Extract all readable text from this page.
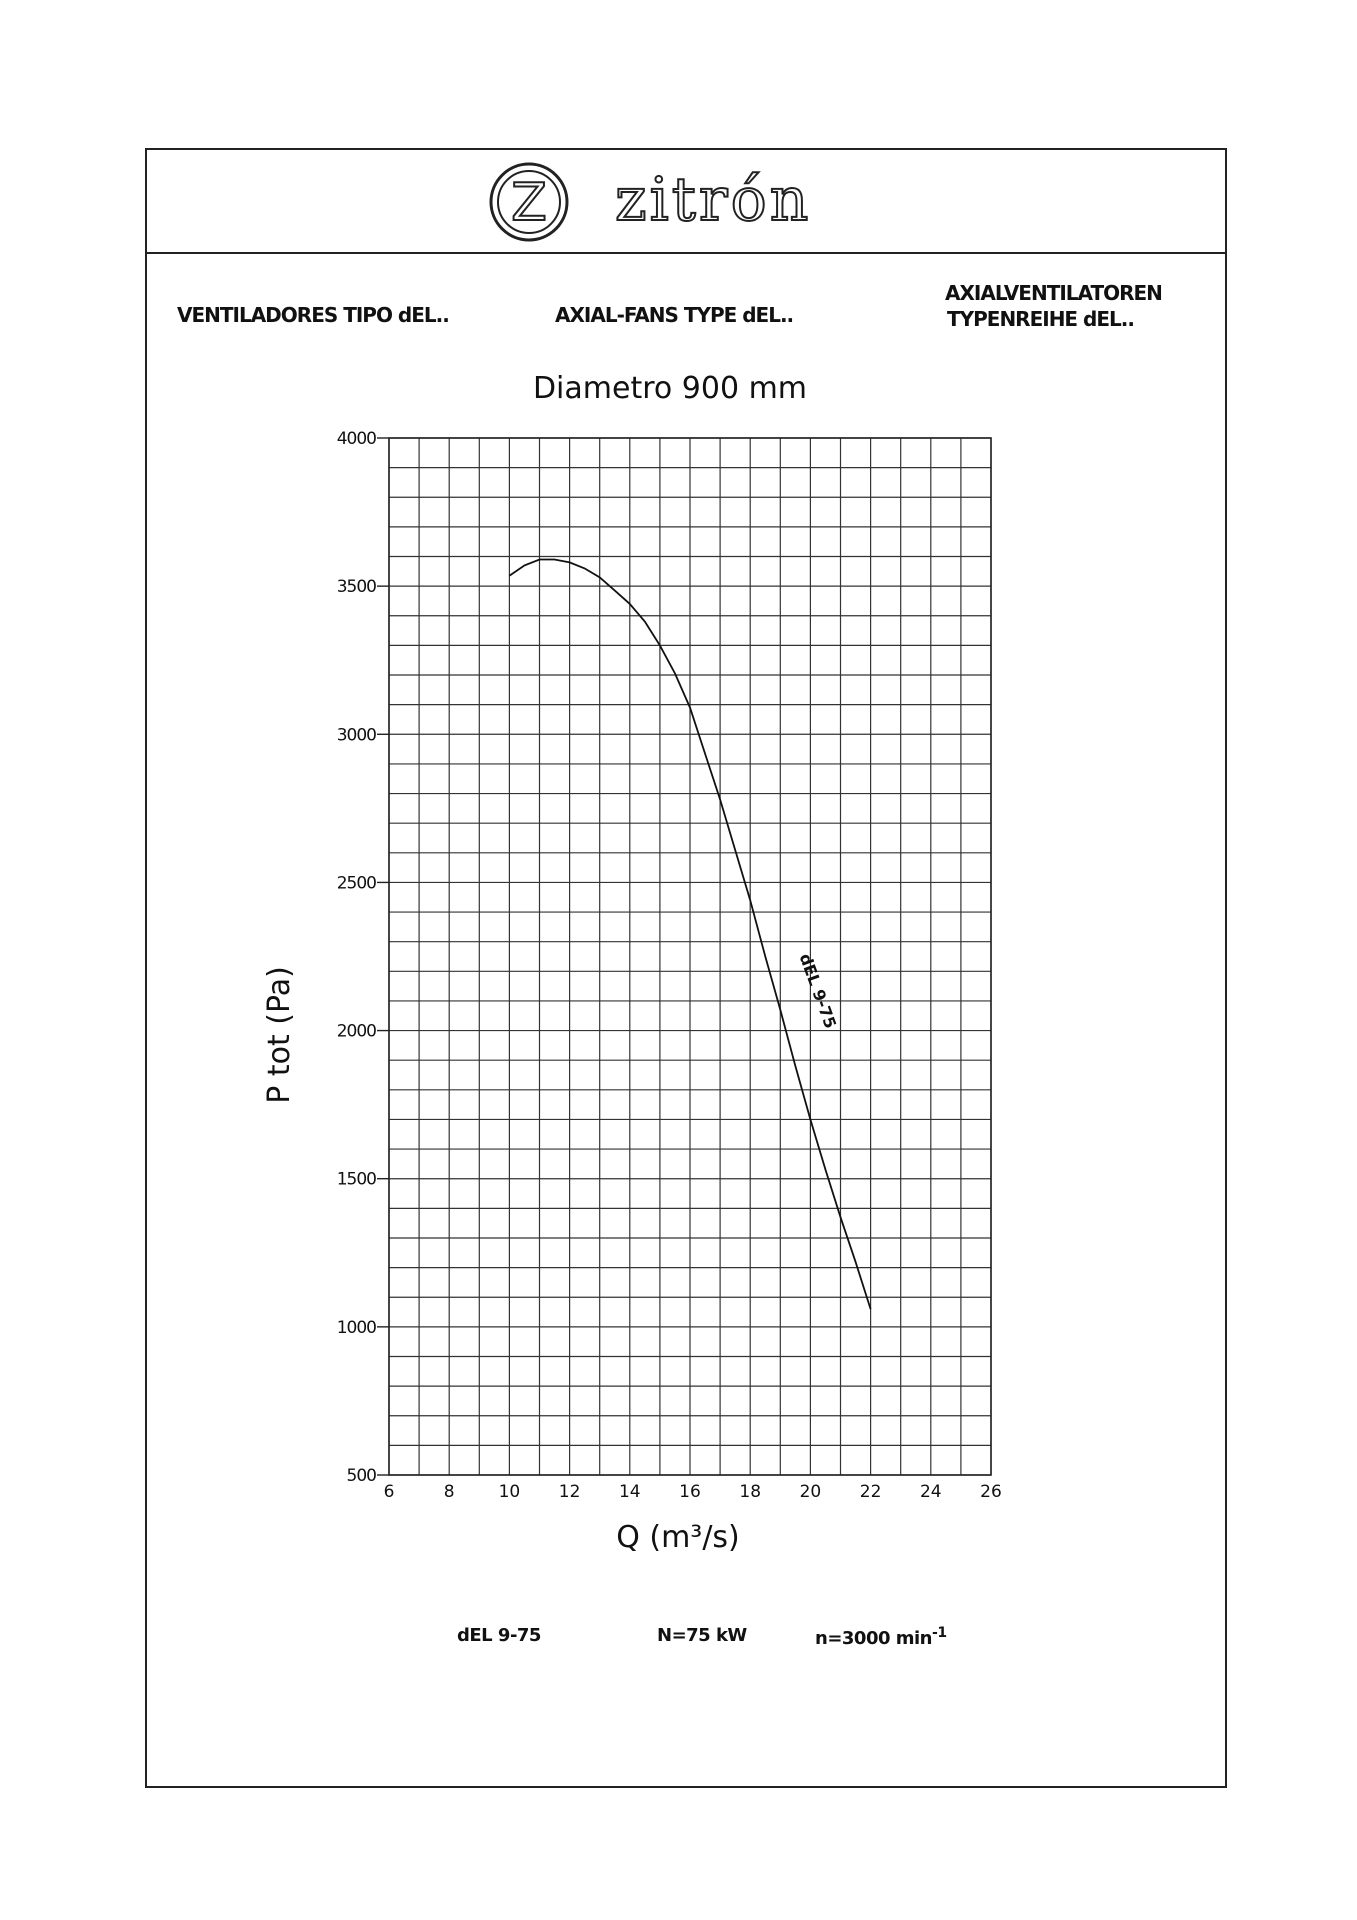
Z zitrón
VENTILADORES TIPO dEL..	AXIAL-FANS TYPE dEL..
AXIALVENTILATOREN
TYPENREIHE dEL..
dEL 9-75	N=75 kW	n=3000 $\min^{-1}$
500
1000
1500
2000
2500
3000
3500
4000
6	8	10 12 14 16 18 20 22 24 26
Diametro 900 mm
Q (m³/s)
P tot (Pa)	dEL 9-75
